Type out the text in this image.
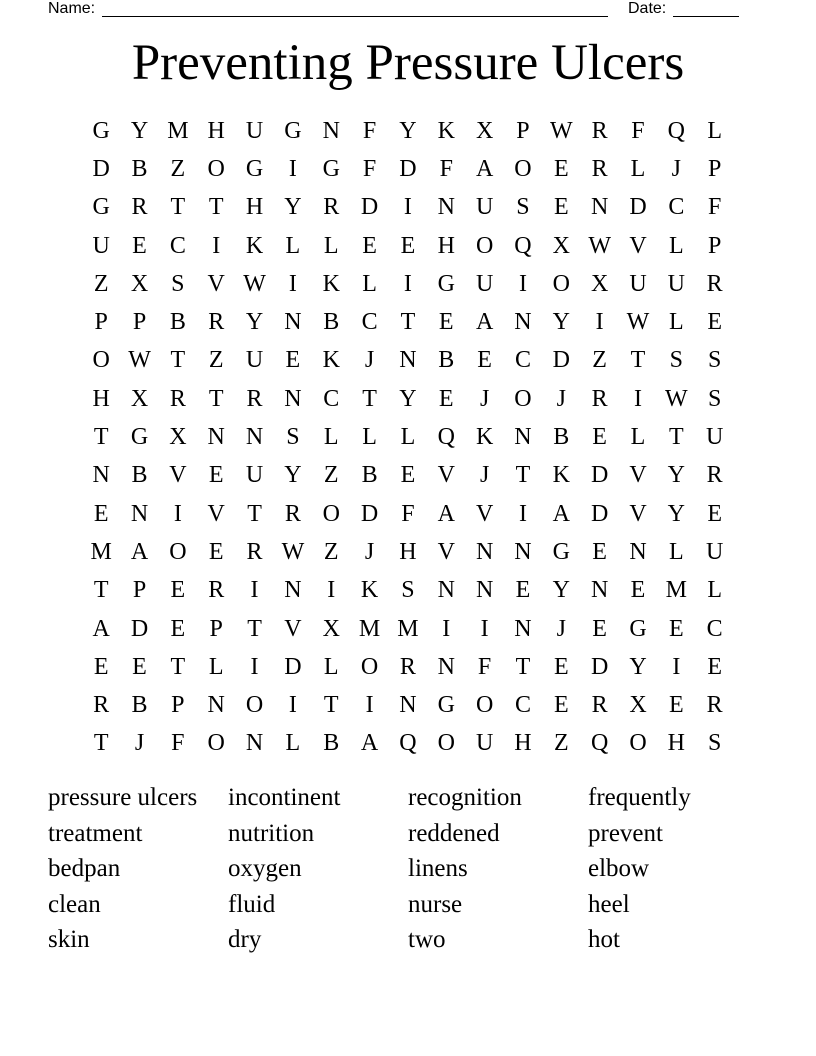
Name:	Date:
Preventing Pressure Ulcers
G Y M H U G N F Y K X P W R F Q L
D B Z O G	I	G F D F A O E R L	J	P
G R T T H Y R D	I	N U S	E N D C F
U E C	I	K L L E E H O Q X W V L	P
Z X S V W I	K L	I	G U	I	O X U U R
P	P B R Y N B C T E A N Y	I W L E
O W T Z U E K	J	N B E C D Z T	S	S
H X R T R N C T Y E	J	O	J	R	I W S
T G X N N S	L L L Q K N B E L T U
N B V E U Y Z B E V	J	T K D V Y R
E N	I	V T R O D F A V	I	A D V Y E
M A O E R W Z	J	H V N N G E N L U
T	P	E R	I	N	I	K S N N E Y N E M L
A D E	P	T V X M M I	I	N	J	E G E C
E E T L	I	D L O R N F	T E D Y	I	E
R B P N O	I	T	I	N G O C E R X E R
T	J	F O N L B A Q O U H Z Q O H S
pressure ulcers	incontinent	recognition	frequently
treatment	nutrition	reddened	prevent
bedpan	oxygen	linens	elbow
clean	fluid	nurse	heel
skin	dry	two	hot
